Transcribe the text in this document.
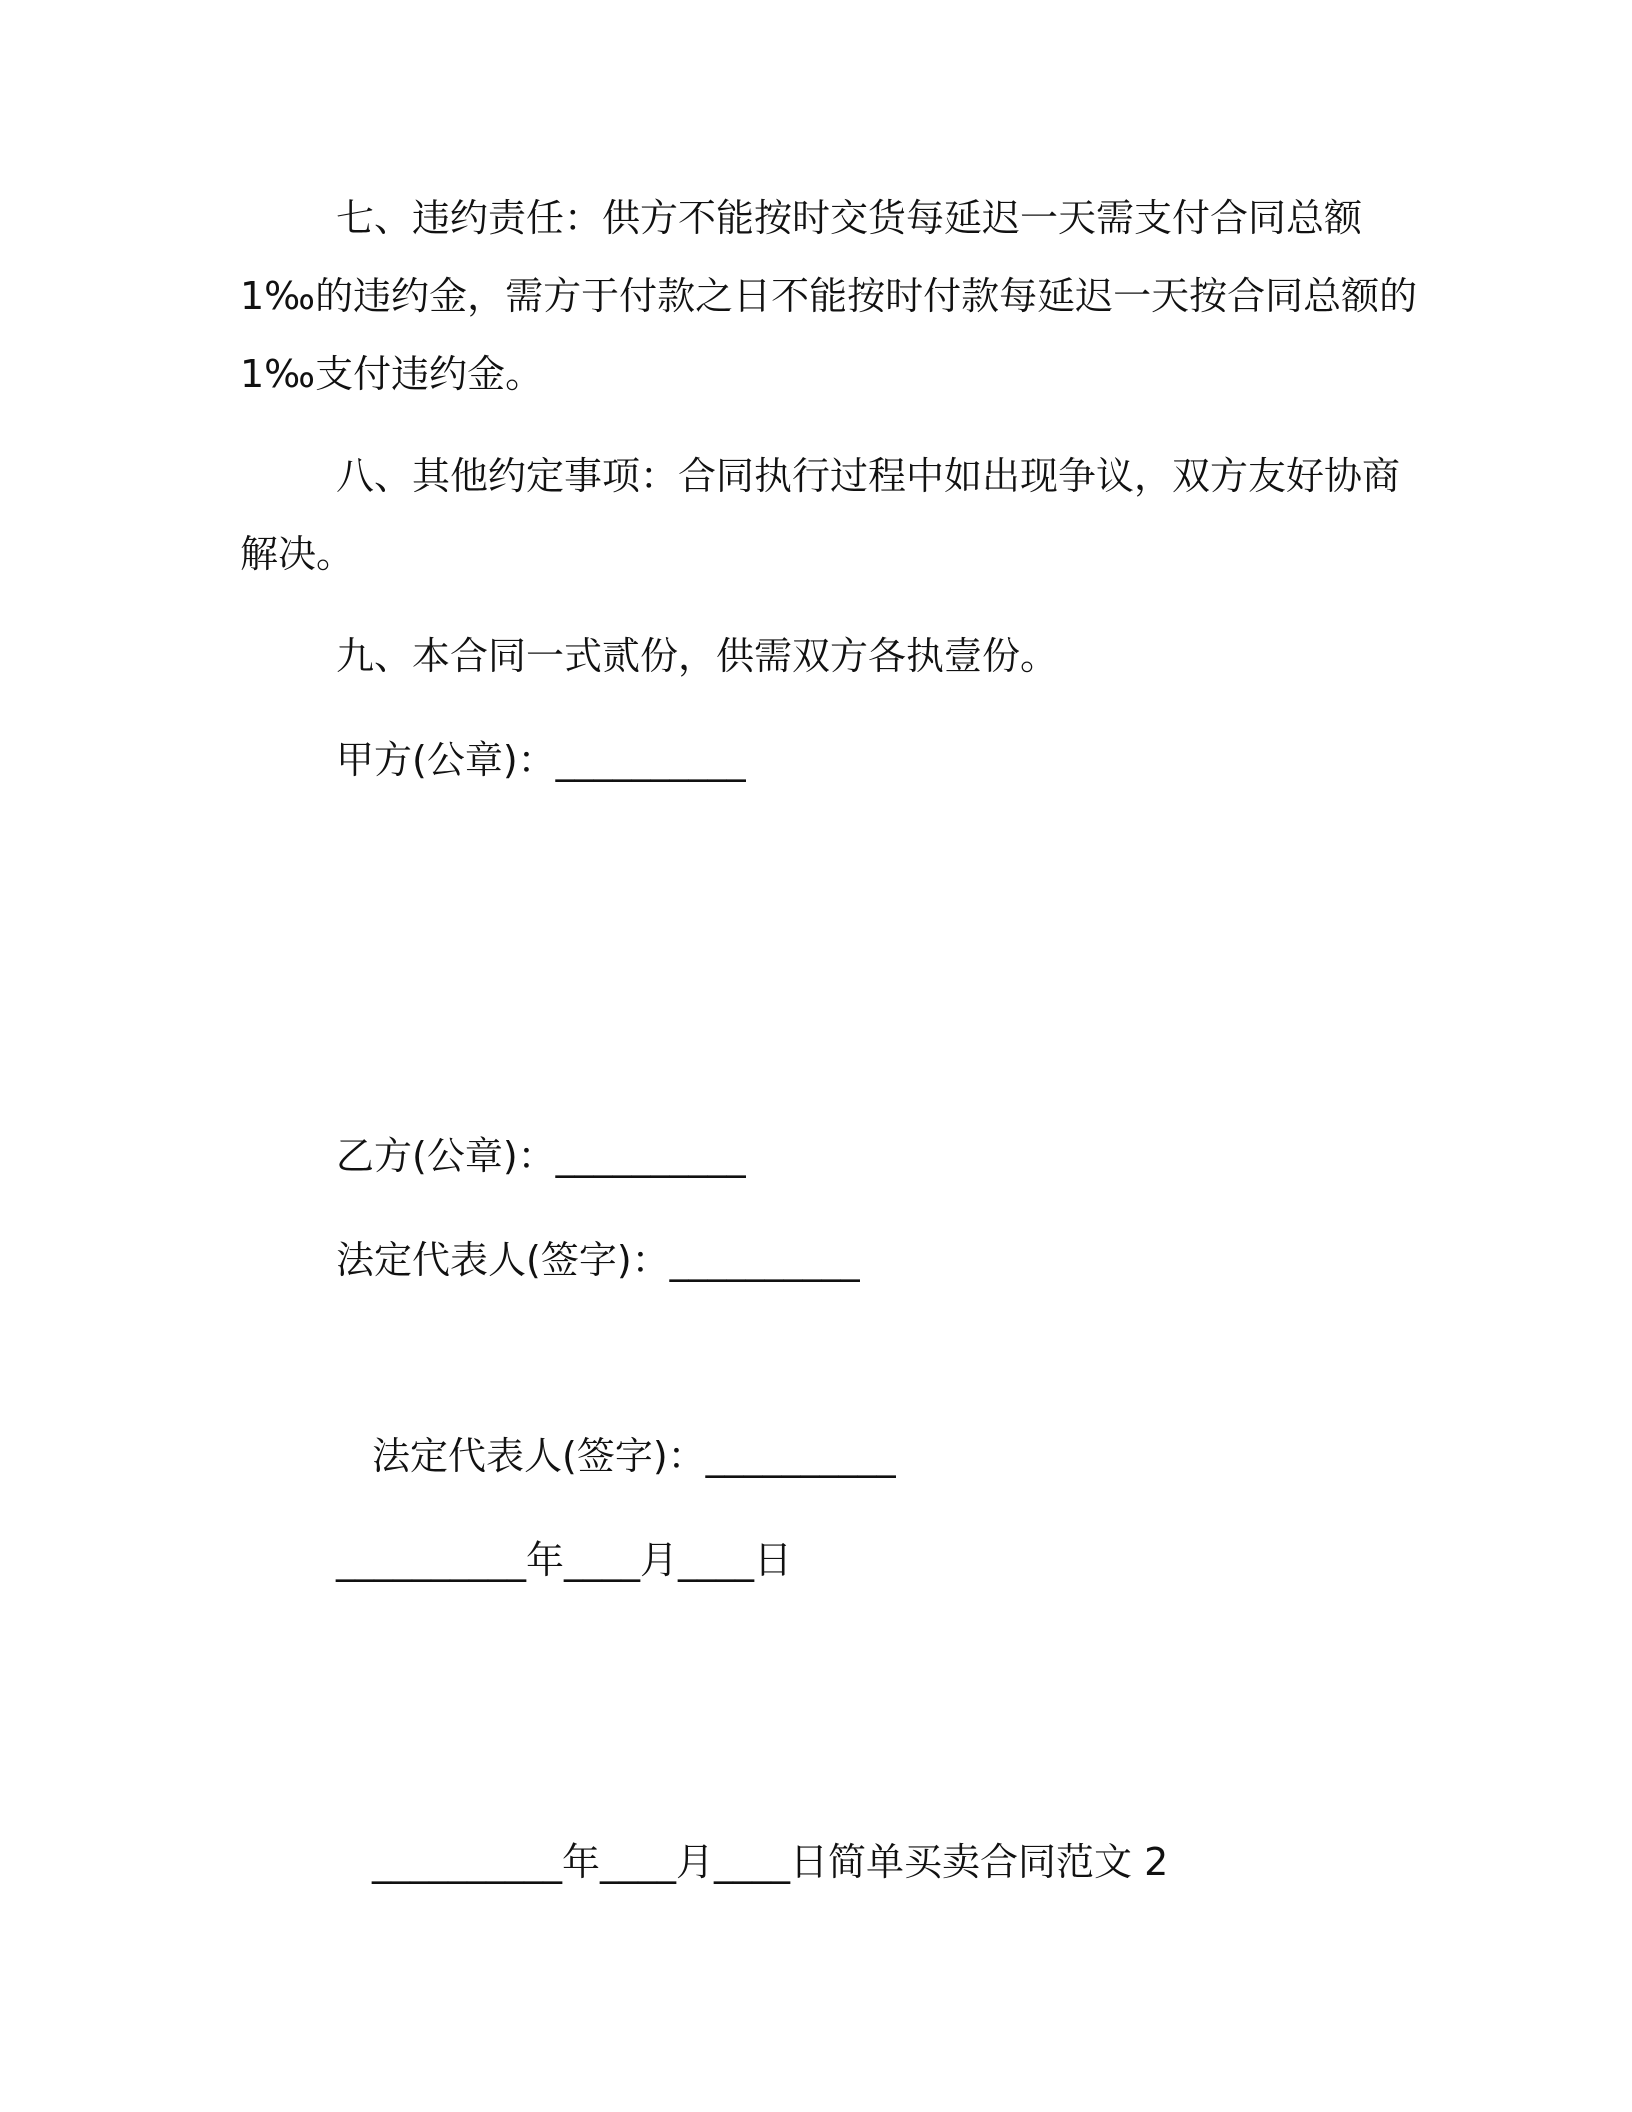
七、违约责任：供方不能按时交货每延迟一天需支付合同总额
1‰的违约金，需方于付款之日不能按时付款每延迟一天按合同总额的
1‰支付违约金。
八、其他约定事项：合同执行过程中如出现争议，双方友好协商
解决。
九、本合同一式贰份，供需双方各执壹份。
甲方(公章)：__________
乙方(公章)：__________
法定代表人(签字)：__________
法定代表人(签字)：__________
__________年____月____日
__________年____月____日简单买卖合同范文 2
